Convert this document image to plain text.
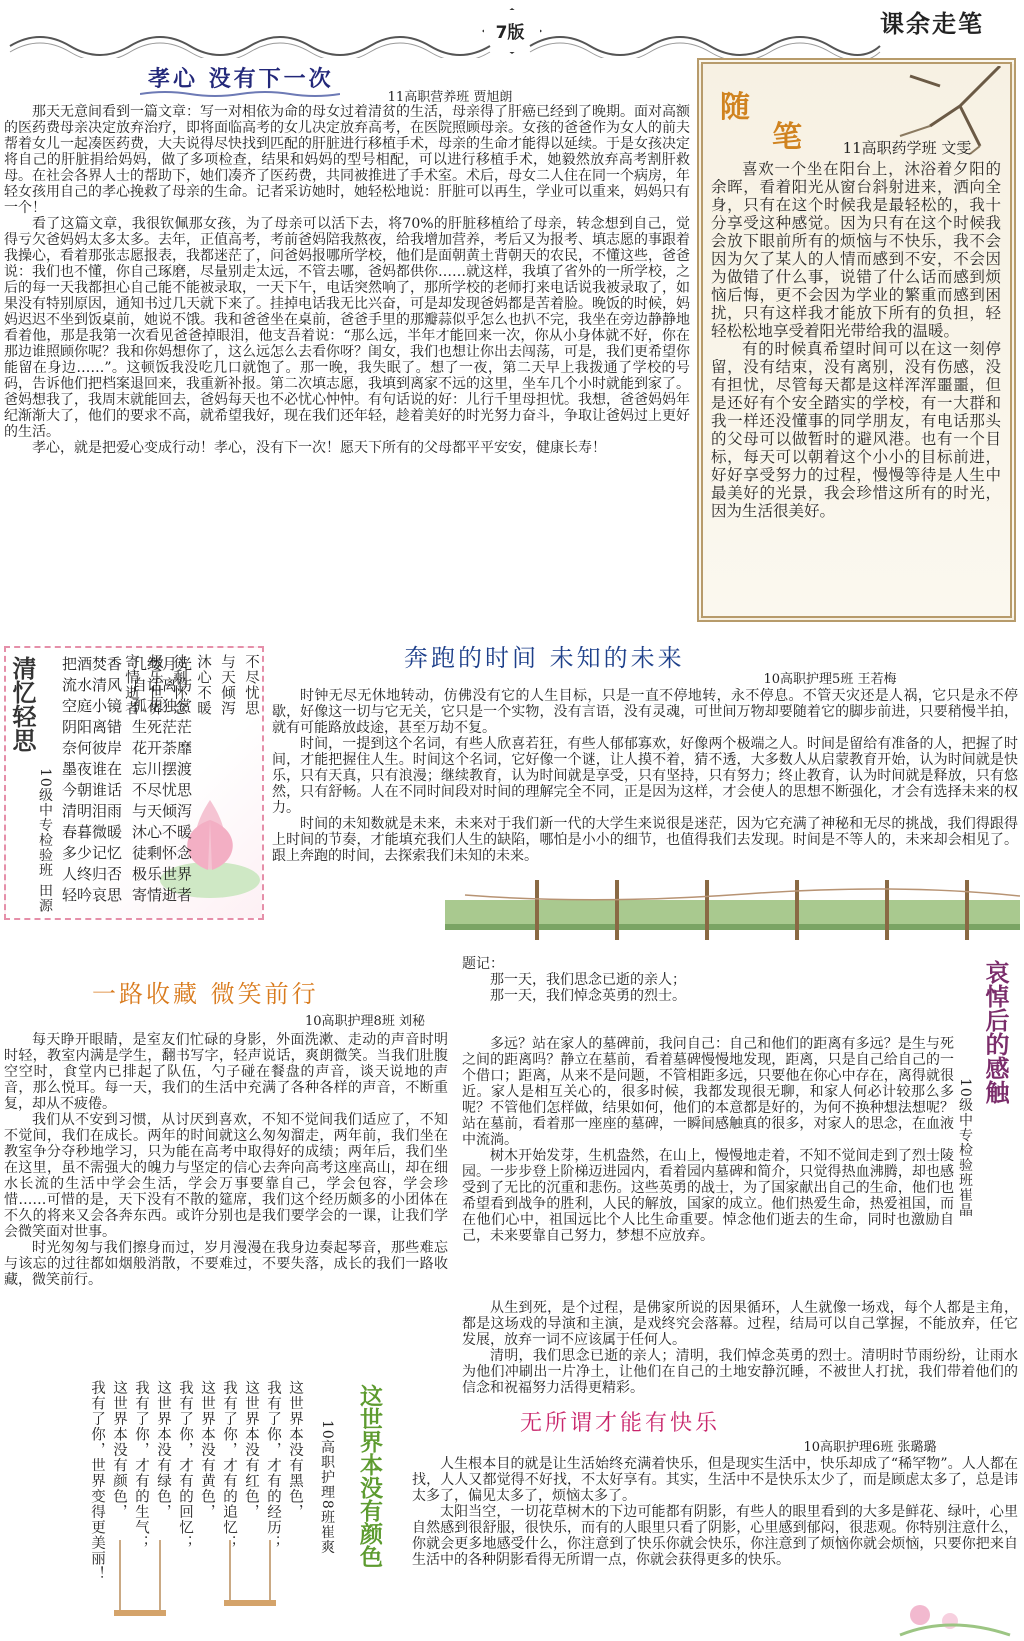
7版	课余走笔
孝心 没有下一次
11高职营养班 贾旭朗

那天无意间看到一篇文章：写一对相依为命的母女过着清贫的生活，母亲得了肝癌已经到了晚期。面对高额的医药费母亲决定放弃治疗，即将面临高考的女儿决定放弃高考，在医院照顾母亲。女孩的爸爸作为女人的前夫帮着女儿一起凑医药费，大夫说得尽快找到匹配的肝脏进行移植手术，母亲的生命才能得以延续。于是女孩决定将自己的肝脏捐给妈妈，做了多项检查，结果和妈妈的型号相配，可以进行移植手术，她毅然放弃高考割肝救母。在社会各界人士的帮助下，她们凑齐了医药费，共同被推进了手术室。术后，母女二人住在同一个病房，年轻女孩用自己的孝心挽救了母亲的生命。记者采访她时，她轻松地说：肝脏可以再生，学业可以重来，妈妈只有一个！

看了这篇文章，我很钦佩那女孩，为了母亲可以活下去，将70%的肝脏移植给了母亲，转念想到自己，觉得亏欠爸妈妈太多太多。去年，正值高考，考前爸妈陪我熬夜，给我增加营养，考后又为报考、填志愿的事跟着我操心，看着那张志愿报表，我都迷茫了，问爸妈报哪所学校，他们是面朝黄土背朝天的农民，不懂这些，爸爸说：我们也不懂，你自己琢磨，尽量别走太远，不管去哪，爸妈都供你……就这样，我填了省外的一所学校，之后的每一天我都担心自己能不能被录取，一天下午，电话突然响了，那所学校的老师打来电话说我被录取了，如果没有特别原因，通知书过几天就下来了。挂掉电话我无比兴奋，可是却发现爸妈都是苦着脸。晚饭的时候，妈妈迟迟不坐到饭桌前，她说不饿。我和爸爸坐在桌前，爸爸手里的那瓣蒜似乎怎么也扒不完，我坐在旁边静静地看着他，那是我第一次看见爸爸掉眼泪，他支吾着说：“那么远，半年才能回来一次，你从小身体就不好，你在那边谁照顾你呢？我和你妈想你了，这么远怎么去看你呀？闺女，我们也想让你出去闯荡，可是，我们更希望你能留在身边……”。这顿饭我没吃几口就饱了。那一晚，我失眠了。想了一夜，第二天早上我拨通了学校的号码，告诉他们把档案退回来，我重新补报。第二次填志愿，我填到离家不远的这里，坐车几个小时就能到家了。爸妈想我了，我周末就能回去，爸妈每天也不必忧心忡忡。有句话说的好：儿行千里母担忧。我想，爸爸妈妈年纪渐渐大了，他们的要求不高，就希望我好，现在我们还年轻，趁着美好的时光努力奋斗，争取让爸妈过上更好的生活。

孝心，就是把爱心变成行动！孝心，没有下一次！愿天下所有的父母都平平安安，健康长寿！

随
笔	11高职药学班 文雯

喜欢一个坐在阳台上，沐浴着夕阳的余晖，看着阳光从窗台斜射进来，洒向全身，只有在这个时候我是最轻松的，我十分享受这种感觉。因为只有在这个时候我会放下眼前所有的烦恼与不快乐，我不会因为欠了某人的人情而感到不安，不会因为做错了什么事，说错了什么话而感到烦恼后悔，更不会因为学业的繁重而感到困扰，只有这样我才能放下所有的负担，轻轻松松地享受着阳光带给我的温暖。

有的时候真希望时间可以在这一刻停留，没有结束，没有离别，没有伤感，没有担忧，尽管每天都是这样浑浑噩噩，但是还好有个安全踏实的学校，有一大群和我一样还没懂事的同学朋友，有电话那头的父母可以做暂时的避风港。也有一个目标，每天可以朝着这个小小的目标前进，好好享受努力的过程，慢慢等待是人生中最美好的光景，我会珍惜这所有的时光，因为生活很美好。

清忆轻思
10级中专检验班 田源
寄情逝者 极乐世界 徒剩怀念 沐心不暖 与天倾泻 不尽忧思
把酒焚香 几缕月光
流水清风 自话离伤
空庭小镜 孤花独赏
阴阳离错 生死茫茫
奈何彼岸 花开荼靡
墨夜谁在 忘川摆渡
今朝谁话 不尽忧思
清明泪雨 与天倾泻
春暮微暖 沐心不暖
多少记忆 徒剩怀念
人终归否 极乐世界
轻吟哀思 寄情逝者
奔跑的时间 未知的未来
10高职护理5班 王若梅

时钟无尽无休地转动，仿佛没有它的人生目标，只是一直不停地转，永不停息。不管天灾还是人祸，它只是永不停歇，好像这一切与它无关，它只是一个实物，没有言语，没有灵魂，可世间万物却要随着它的脚步前进，只要稍慢半拍，就有可能路放歧途，甚至万劫不复。

时间，一提到这个名词，有些人欣喜若狂，有些人郁郁寡欢，好像两个极端之人。时间是留给有准备的人，把握了时间，才能把握住人生。时间这个名词，它好像一个谜，让人摸不着，猜不透，大多数人从启蒙教育开始，认为时间就是快乐，只有天真，只有浪漫；继续教育，认为时间就是享受，只有坚持，只有努力；终止教育，认为时间就是释放，只有悠然，只有舒畅。人在不同时间段对时间的理解完全不同，正是因为这样，才会使人的思想不断强化，才会有选择未来的权力。

时间的未知数就是未来，未来对于我们新一代的大学生来说很是迷茫，因为它充满了神秘和无尽的挑战，我们得跟得上时间的节奏，才能填充我们人生的缺陷，哪怕是小小的细节，也值得我们去发现。时间是不等人的，未来却会相见了。跟上奔跑的时间，去探索我们未知的未来。

一路收藏 微笑前行
10高职护理8班 刘秘

每天睁开眼睛，是室友们忙碌的身影，外面洗漱、走动的声音时明时轻，教室内满是学生，翻书写字，轻声说话，爽朗微笑。当我们肚腹空空时，食堂内已排起了队伍，勺子碰在餐盘的声音，谈天说地的声音，那么悦耳。每一天，我们的生活中充满了各种各样的声音，不断重复，却从不疲倦。

我们从不安到习惯，从讨厌到喜欢，不知不觉间我们适应了，不知不觉间，我们在成长。两年的时间就这么匆匆溜走，两年前，我们坐在教室争分夺秒地学习，只为能在高考中取得好的成绩；两年后，我们坐在这里，虽不需强大的魄力与坚定的信心去奔向高考这座高山，却在细水长流的生活中学会生活，学会万事要靠自己，学会包容，学会珍惜……可惜的是，天下没有不散的筵席，我们这个经历颇多的小团体在不久的将来又会各奔东西。或许分别也是我们要学会的一课，让我们学会微笑面对世事。

时光匆匆与我们擦身而过，岁月漫漫在我身边奏起琴音，那些难忘与该忘的过往都如烟般消散，不要难过，不要失落，成长的我们一路收藏，微笑前行。

题记：
那一天，我们思念已逝的亲人；
那一天，我们悼念英勇的烈士。
哀悼后的感触
10级中专检验班崔晶

多远？站在家人的墓碑前，我问自己：自己和他们的距离有多远？是生与死之间的距离吗？静立在墓前，看着墓碑慢慢地发现，距离，只是自己给自己的一个借口；距离，从来不是问题，不管相距多远，只要他在你心中存在，离得就很近。家人是相互关心的，很多时候，我都发现很无聊，和家人何必计较那么多呢？不管他们怎样做，结果如何，他们的本意都是好的，为何不换种想法想呢？站在墓前，看着那一座座的墓碑，一瞬间感触真的很多，对家人的思念，在血液中流淌。

树木开始发芽，生机盎然，在山上，慢慢地走着，不知不觉间走到了烈士陵园。一步步登上阶梯迈进园内，看着园内墓碑和简介，只觉得热血沸腾，却也感受到了无比的沉重和悲伤。这些英勇的战士，为了国家献出自己的生命，他们也希望看到战争的胜利，人民的解放，国家的成立。他们热爱生命，热爱祖国，而在他们心中，祖国远比个人比生命重要。悼念他们逝去的生命，同时也激励自己，未来要靠自己努力，梦想不应放弃。

从生到死，是个过程，是佛家所说的因果循环，人生就像一场戏，每个人都是主角，都是这场戏的导演和主演，是戏终究会落幕。过程，结局可以自己掌握，不能放弃，任它发展，放弃一词不应该属于任何人。

清明，我们思念已逝的亲人；清明，我们悼念英勇的烈士。清明时节雨纷纷，让雨水为他们冲刷出一片净土，让他们在自己的土地安静沉睡，不被世人打扰，我们带着他们的信念和祝福努力活得更精彩。

这世界本没有黑色，
我有了你，才有的经历；
这世界本没有红色，
我有了你，才有的追忆；
这世界本没有黄色，
我有了你，才有的回忆；
这世界本没有绿色，
我有了你，才有的生气；
这世界本没有颜色，
我有了你，世界变得更美丽！	10高职护理8班崔爽
这世界本没有颜色
无所谓才能有快乐
10高职护理6班 张璐璐

人生根本目的就是让生活始终充满着快乐，但是现实生活中，快乐却成了“稀罕物”。人人都在找，人人又都觉得不好找，不太好享有。其实，生活中不是快乐太少了，而是顾虑太多了，总是讳太多了，偏见太多了，烦恼太多了。

太阳当空，一切花草树木的下边可能都有阴影，有些人的眼里看到的大多是鲜花、绿叶，心里自然感到很舒服，很快乐，而有的人眼里只看了阴影，心里感到郁闷，很悲观。你特别注意什么，你就会更多地感受什么，你注意到了快乐你就会快乐，你注意到了烦恼你就会烦恼，只要你把来自生活中的各种阴影看得无所谓一点，你就会获得更多的快乐。
